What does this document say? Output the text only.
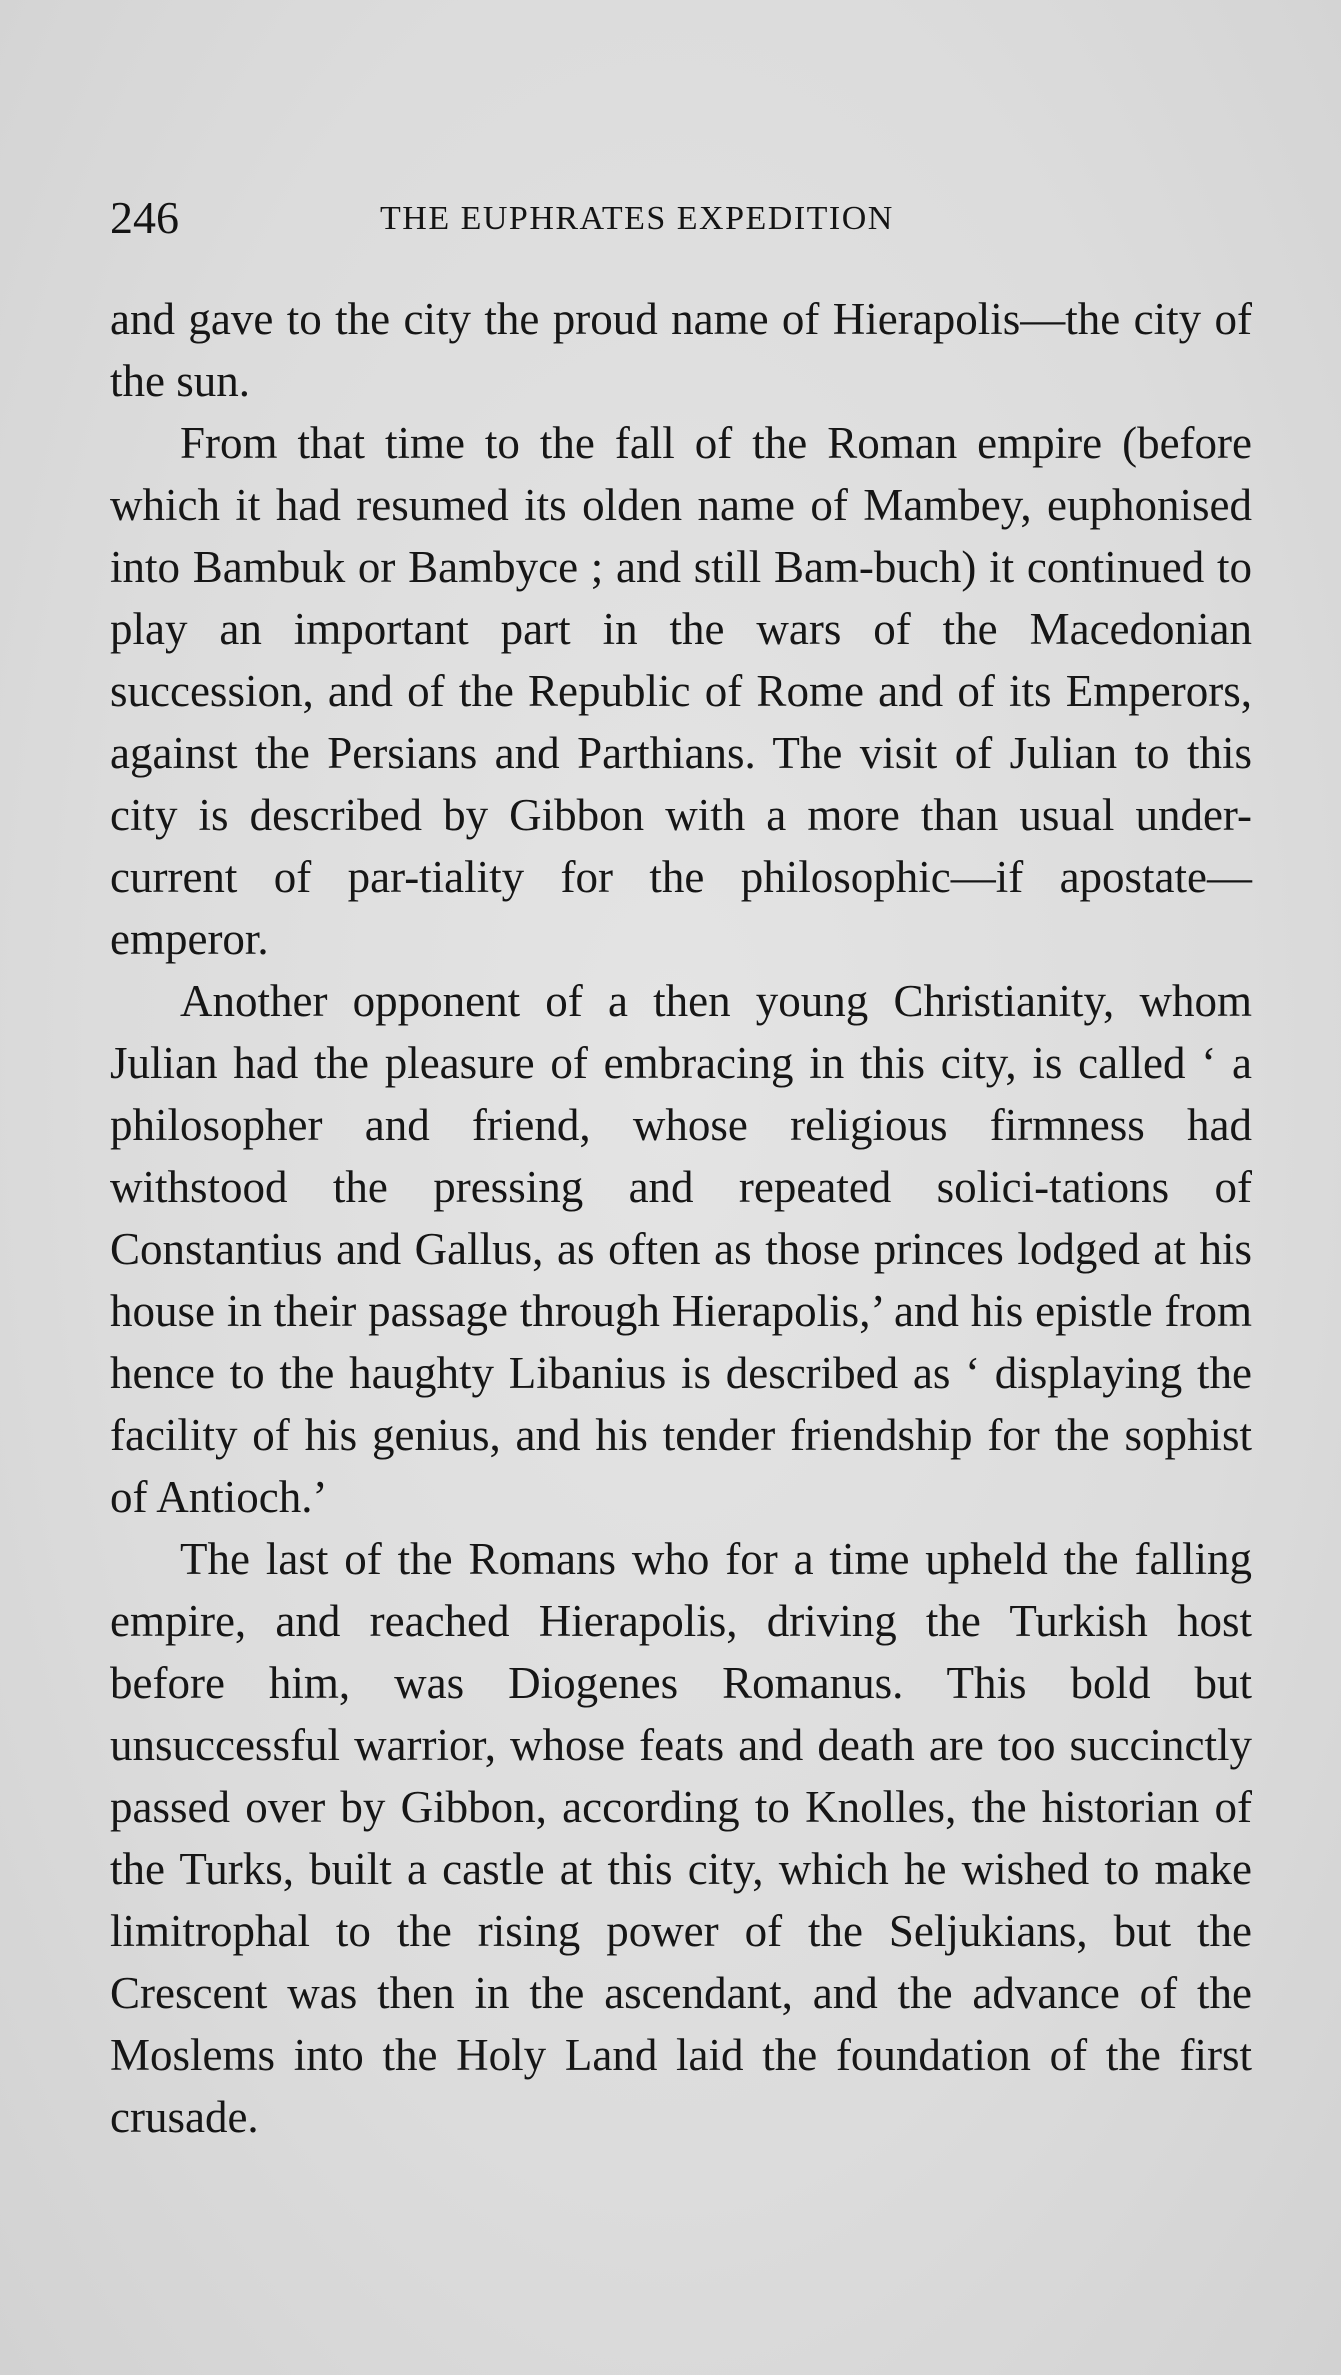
246	THE EUPHRATES EXPEDITION

and gave to the city the proud name of Hierapolis—the city of the sun.

From that time to the fall of the Roman empire (before which it had resumed its olden name of Mambey, euphonised into Bambuk or Bambyce ; and still Bam-buch) it continued to play an important part in the wars of the Macedonian succession, and of the Republic of Rome and of its Emperors, against the Persians and Parthians. The visit of Julian to this city is described by Gibbon with a more than usual under-current of par-tiality for the philosophic—if apostate—emperor.

Another opponent of a then young Christianity, whom Julian had the pleasure of embracing in this city, is called ‘ a philosopher and friend, whose religious firmness had withstood the pressing and repeated solici-tations of Constantius and Gallus, as often as those princes lodged at his house in their passage through Hierapolis,’ and his epistle from hence to the haughty Libanius is described as ‘ displaying the facility of his genius, and his tender friendship for the sophist of Antioch.’

The last of the Romans who for a time upheld the falling empire, and reached Hierapolis, driving the Turkish host before him, was Diogenes Romanus. This bold but unsuccessful warrior, whose feats and death are too succinctly passed over by Gibbon, according to Knolles, the historian of the Turks, built a castle at this city, which he wished to make limitrophal to the rising power of the Seljukians, but the Crescent was then in the ascendant, and the advance of the Moslems into the Holy Land laid the foundation of the first crusade.
